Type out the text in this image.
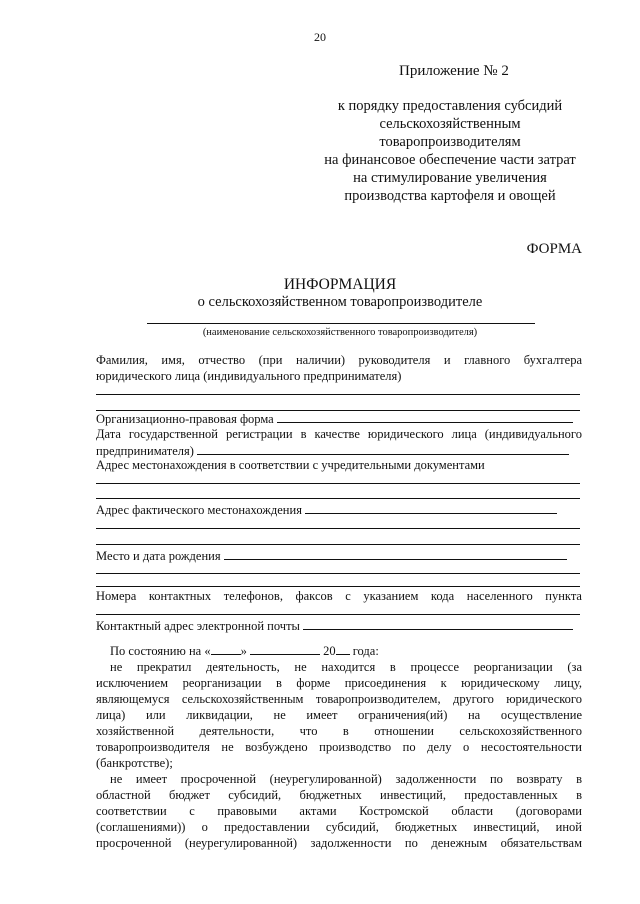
20
Приложение № 2
к порядку предоставления субсидий
сельскохозяйственным
товаропроизводителям
на финансовое обеспечение части затрат
на стимулирование увеличения
производства картофеля и овощей
ФОРМА
ИНФОРМАЦИЯ
о сельскохозяйственном товаропроизводителе
(наименование сельскохозяйственного товаропроизводителя)
Фамилия, имя, отчество (при наличии) руководителя и главного бухгалтера
юридического лица (индивидуального предпринимателя)
Организационно-правовая форма
Дата государственной регистрации в качестве юридического лица (индивидуального
предпринимателя)
Адрес местонахождения в соответствии с учредительными документами
Адрес фактического местонахождения
Место и дата рождения
Номера контактных телефонов, факсов с указанием кода населенного пункта
Контактный адрес электронной почты
По состоянию на « »	20 года:
не прекратил деятельность, не находится в процессе реорганизации (за
исключением реорганизации в форме присоединения к юридическому лицу,
являющемуся сельскохозяйственным товаропроизводителем, другого юридического
лица) или ликвидации, не имеет ограничения(ий) на осуществление
хозяйственной деятельности, что в отношении сельскохозяйственного
товаропроизводителя не возбуждено производство по делу о несостоятельности
(банкротстве);
не имеет просроченной (неурегулированной) задолженности по возврату в
областной бюджет субсидий, бюджетных инвестиций, предоставленных в
соответствии с правовыми актами Костромской области (договорами
(соглашениями)) о предоставлении субсидий, бюджетных инвестиций, иной
просроченной (неурегулированной) задолженности по денежным обязательствам
